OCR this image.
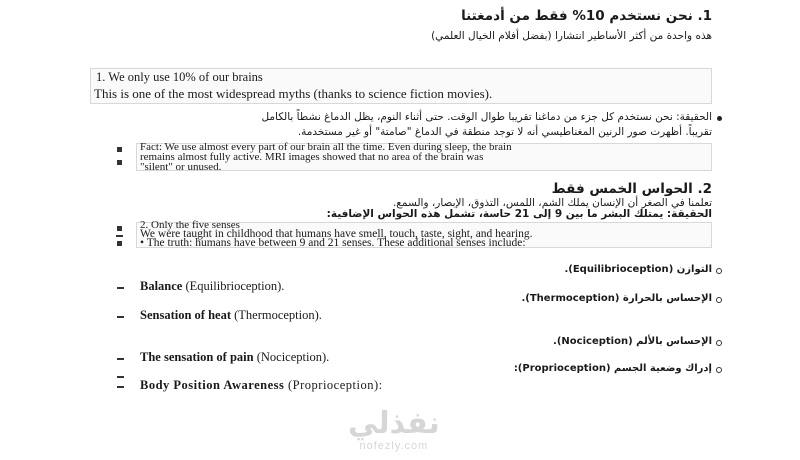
1. نحن نستخدم 10% فقط من أدمغتنا
هذه واحدة من أكثر الأساطير انتشارا (بفضل أفلام الخيال العلمي)
1. We only use 10% of our brains
This is one of the most widespread myths (thanks to science fiction movies).
الحقيقة: نحن نستخدم كل جزء من دماغنا تقريبا طوال الوقت. حتى أثناء النوم، يظل الدماغ نشطاً بالكامل
تقريباً. أظهرت صور الرنين المغناطيسي أنه لا توجد منطقة في الدماغ "صامتة" أو غير مستخدمة.
Fact: We use almost every part of our brain all the time. Even during sleep, the brain
remains almost fully active. MRI images showed that no area of the brain was
"silent" or unused.
2. الحواس الخمس فقط
تعلمنا في الصغر أن الإنسان يملك الشم، اللمس، التذوق، الإبصار، والسمع.
الحقيقة: يمتلك البشر ما بين 9 إلى 21 حاسة، تشمل هذه الحواس الإضافية:
2. Only the five senses
We were taught in childhood that humans have smell, touch, taste, sight, and hearing.
• The truth: humans have between 9 and 21 senses. These additional senses include:
التوازن (Equilibrioception).
Balance (Equilibrioception).
الإحساس بالحرارة (Thermoception).
Sensation of heat (Thermoception).
الإحساس بالألم (Nociception).
The sensation of pain (Nociception).
إدراك وضعية الجسم (Proprioception):
Body Position Awareness (Proprioception):
نفذلي
nofezly.com
